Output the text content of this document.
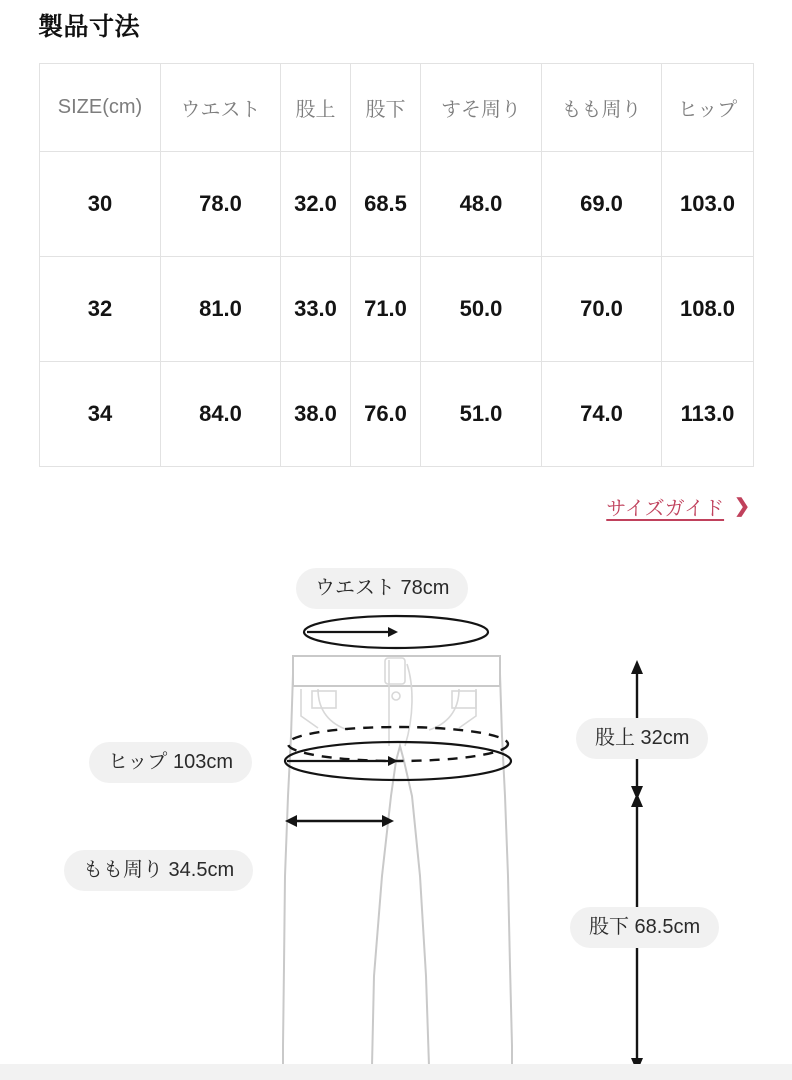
製品寸法
SIZE(cm)	ウエスト	股上	股下	すそ周り	もも周り	ヒップ
30	78.0	32.0	68.5	48.0	69.0	103.0
32	81.0	33.0	71.0	50.0	70.0	108.0
34	84.0	38.0	76.0	51.0	74.0	113.0
サイズガイド ❯
ウエスト 78cm
ヒップ 103cm
もも周り 34.5cm
股上 32cm
股下 68.5cm
